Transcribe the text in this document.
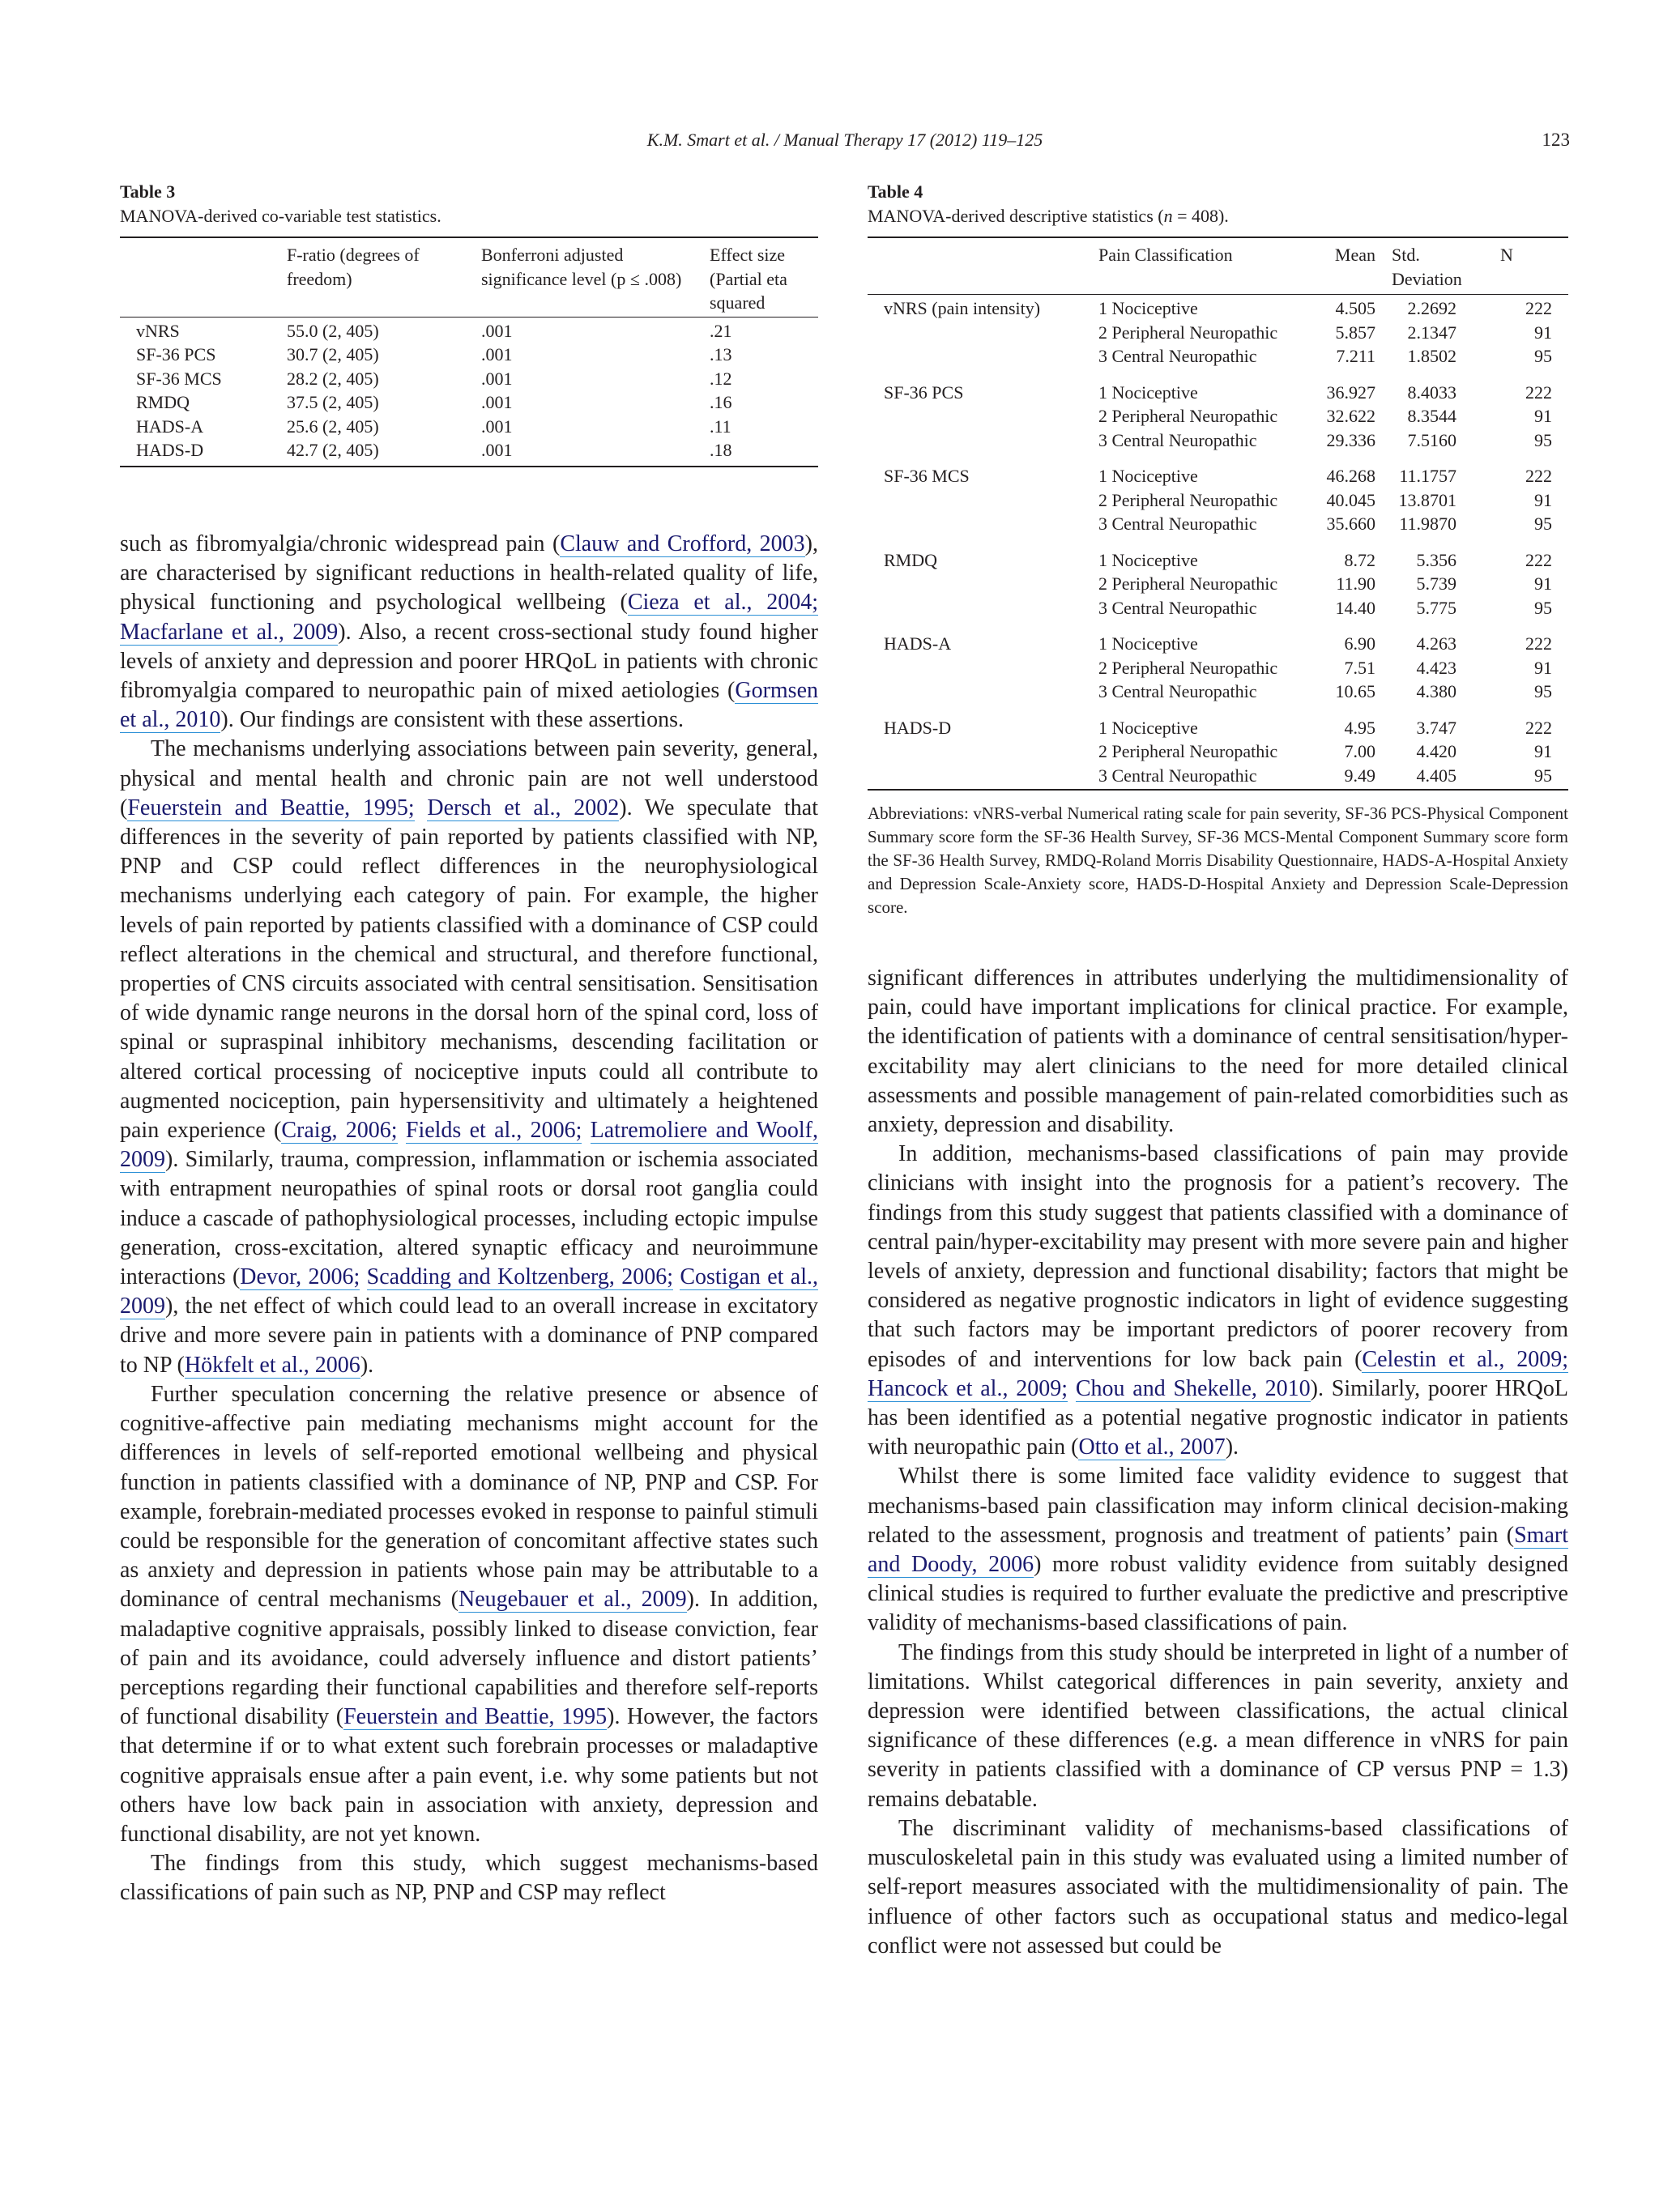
K.M. Smart et al. / Manual Therapy 17 (2012) 119–125	123
Table 3
MANOVA-derived co-variable test statistics.
	F-ratio (degrees of freedom)	Bonferroni adjusted significance level (p ≤ .008)	Effect size (Partial eta squared
vNRS	55.0 (2, 405)	.001	.21
SF-36 PCS	30.7 (2, 405)	.001	.13
SF-36 MCS	28.2 (2, 405)	.001	.12
RMDQ	37.5 (2, 405)	.001	.16
HADS-A	25.6 (2, 405)	.001	.11
HADS-D	42.7 (2, 405)	.001	.18
Table 4
MANOVA-derived descriptive statistics (n = 408).
	Pain Classification	Mean	Std. Deviation	N
vNRS (pain intensity)	1 Nociceptive	4.505	2.2692	222
	2 Peripheral Neuropathic	5.857	2.1347	91
	3 Central Neuropathic	7.211	1.8502	95
SF-36 PCS	1 Nociceptive	36.927	8.4033	222
	2 Peripheral Neuropathic	32.622	8.3544	91
	3 Central Neuropathic	29.336	7.5160	95
SF-36 MCS	1 Nociceptive	46.268	11.1757	222
	2 Peripheral Neuropathic	40.045	13.8701	91
	3 Central Neuropathic	35.660	11.9870	95
RMDQ	1 Nociceptive	8.72	5.356	222
	2 Peripheral Neuropathic	11.90	5.739	91
	3 Central Neuropathic	14.40	5.775	95
HADS-A	1 Nociceptive	6.90	4.263	222
	2 Peripheral Neuropathic	7.51	4.423	91
	3 Central Neuropathic	10.65	4.380	95
HADS-D	1 Nociceptive	4.95	3.747	222
	2 Peripheral Neuropathic	7.00	4.420	91
	3 Central Neuropathic	9.49	4.405	95
Abbreviations: vNRS-verbal Numerical rating scale for pain severity, SF-36 PCS-Physical Component Summary score form the SF-36 Health Survey, SF-36 MCS-Mental Component Summary score form the SF-36 Health Survey, RMDQ-Roland Morris Disability Questionnaire, HADS-A-Hospital Anxiety and Depression Scale-Anxiety score, HADS-D-Hospital Anxiety and Depression Scale-Depression score.

such as fibromyalgia/chronic widespread pain (Clauw and Crofford, 2003), are characterised by significant reductions in health-related quality of life, physical functioning and psychological wellbeing (Cieza et al., 2004; Macfarlane et al., 2009). Also, a recent cross-sectional study found higher levels of anxiety and depression and poorer HRQoL in patients with chronic fibromyalgia compared to neuropathic pain of mixed aetiologies (Gormsen et al., 2010). Our findings are consistent with these assertions.

The mechanisms underlying associations between pain severity, general, physical and mental health and chronic pain are not well understood (Feuerstein and Beattie, 1995; Dersch et al., 2002). We speculate that differences in the severity of pain reported by patients classified with NP, PNP and CSP could reflect differences in the neurophysiological mechanisms underlying each category of pain. For example, the higher levels of pain reported by patients classified with a dominance of CSP could reflect alterations in the chemical and structural, and therefore functional, properties of CNS circuits associated with central sensitisation. Sensitisation of wide dynamic range neurons in the dorsal horn of the spinal cord, loss of spinal or supraspinal inhibitory mechanisms, descending facilitation or altered cortical processing of nociceptive inputs could all contribute to augmented nociception, pain hypersensitivity and ultimately a heightened pain experience (Craig, 2006; Fields et al., 2006; Latremoliere and Woolf, 2009). Similarly, trauma, compression, inflammation or ischemia associated with entrapment neuropathies of spinal roots or dorsal root ganglia could induce a cascade of pathophysiological processes, including ectopic impulse generation, cross-excitation, altered synaptic efficacy and neuroimmune interactions (Devor, 2006; Scadding and Koltzenberg, 2006; Costigan et al., 2009), the net effect of which could lead to an overall increase in excitatory drive and more severe pain in patients with a dominance of PNP compared to NP (Hökfelt et al., 2006).

Further speculation concerning the relative presence or absence of cognitive-affective pain mediating mechanisms might account for the differences in levels of self-reported emotional wellbeing and physical function in patients classified with a dominance of NP, PNP and CSP. For example, forebrain-mediated processes evoked in response to painful stimuli could be responsible for the generation of concomitant affective states such as anxiety and depression in patients whose pain may be attributable to a dominance of central mechanisms (Neugebauer et al., 2009). In addition, maladaptive cognitive appraisals, possibly linked to disease conviction, fear of pain and its avoidance, could adversely influence and distort patients’ perceptions regarding their functional capabilities and therefore self-reports of functional disability (Feuerstein and Beattie, 1995). However, the factors that determine if or to what extent such forebrain processes or maladaptive cognitive appraisals ensue after a pain event, i.e. why some patients but not others have low back pain in association with anxiety, depression and functional disability, are not yet known.

The findings from this study, which suggest mechanisms-based classifications of pain such as NP, PNP and CSP may reflect

significant differences in attributes underlying the multidimensionality of pain, could have important implications for clinical practice. For example, the identification of patients with a dominance of central sensitisation/hyper-excitability may alert clinicians to the need for more detailed clinical assessments and possible management of pain-related comorbidities such as anxiety, depression and disability.

In addition, mechanisms-based classifications of pain may provide clinicians with insight into the prognosis for a patient’s recovery. The findings from this study suggest that patients classified with a dominance of central pain/hyper-excitability may present with more severe pain and higher levels of anxiety, depression and functional disability; factors that might be considered as negative prognostic indicators in light of evidence suggesting that such factors may be important predictors of poorer recovery from episodes of and interventions for low back pain (Celestin et al., 2009; Hancock et al., 2009; Chou and Shekelle, 2010). Similarly, poorer HRQoL has been identified as a potential negative prognostic indicator in patients with neuropathic pain (Otto et al., 2007).

Whilst there is some limited face validity evidence to suggest that mechanisms-based pain classification may inform clinical decision-making related to the assessment, prognosis and treatment of patients’ pain (Smart and Doody, 2006) more robust validity evidence from suitably designed clinical studies is required to further evaluate the predictive and prescriptive validity of mechanisms-based classifications of pain.

The findings from this study should be interpreted in light of a number of limitations. Whilst categorical differences in pain severity, anxiety and depression were identified between classifications, the actual clinical significance of these differences (e.g. a mean difference in vNRS for pain severity in patients classified with a dominance of CP versus PNP = 1.3) remains debatable.

The discriminant validity of mechanisms-based classifications of musculoskeletal pain in this study was evaluated using a limited number of self-report measures associated with the multidimensionality of pain. The influence of other factors such as occupational status and medico-legal conflict were not assessed but could be
